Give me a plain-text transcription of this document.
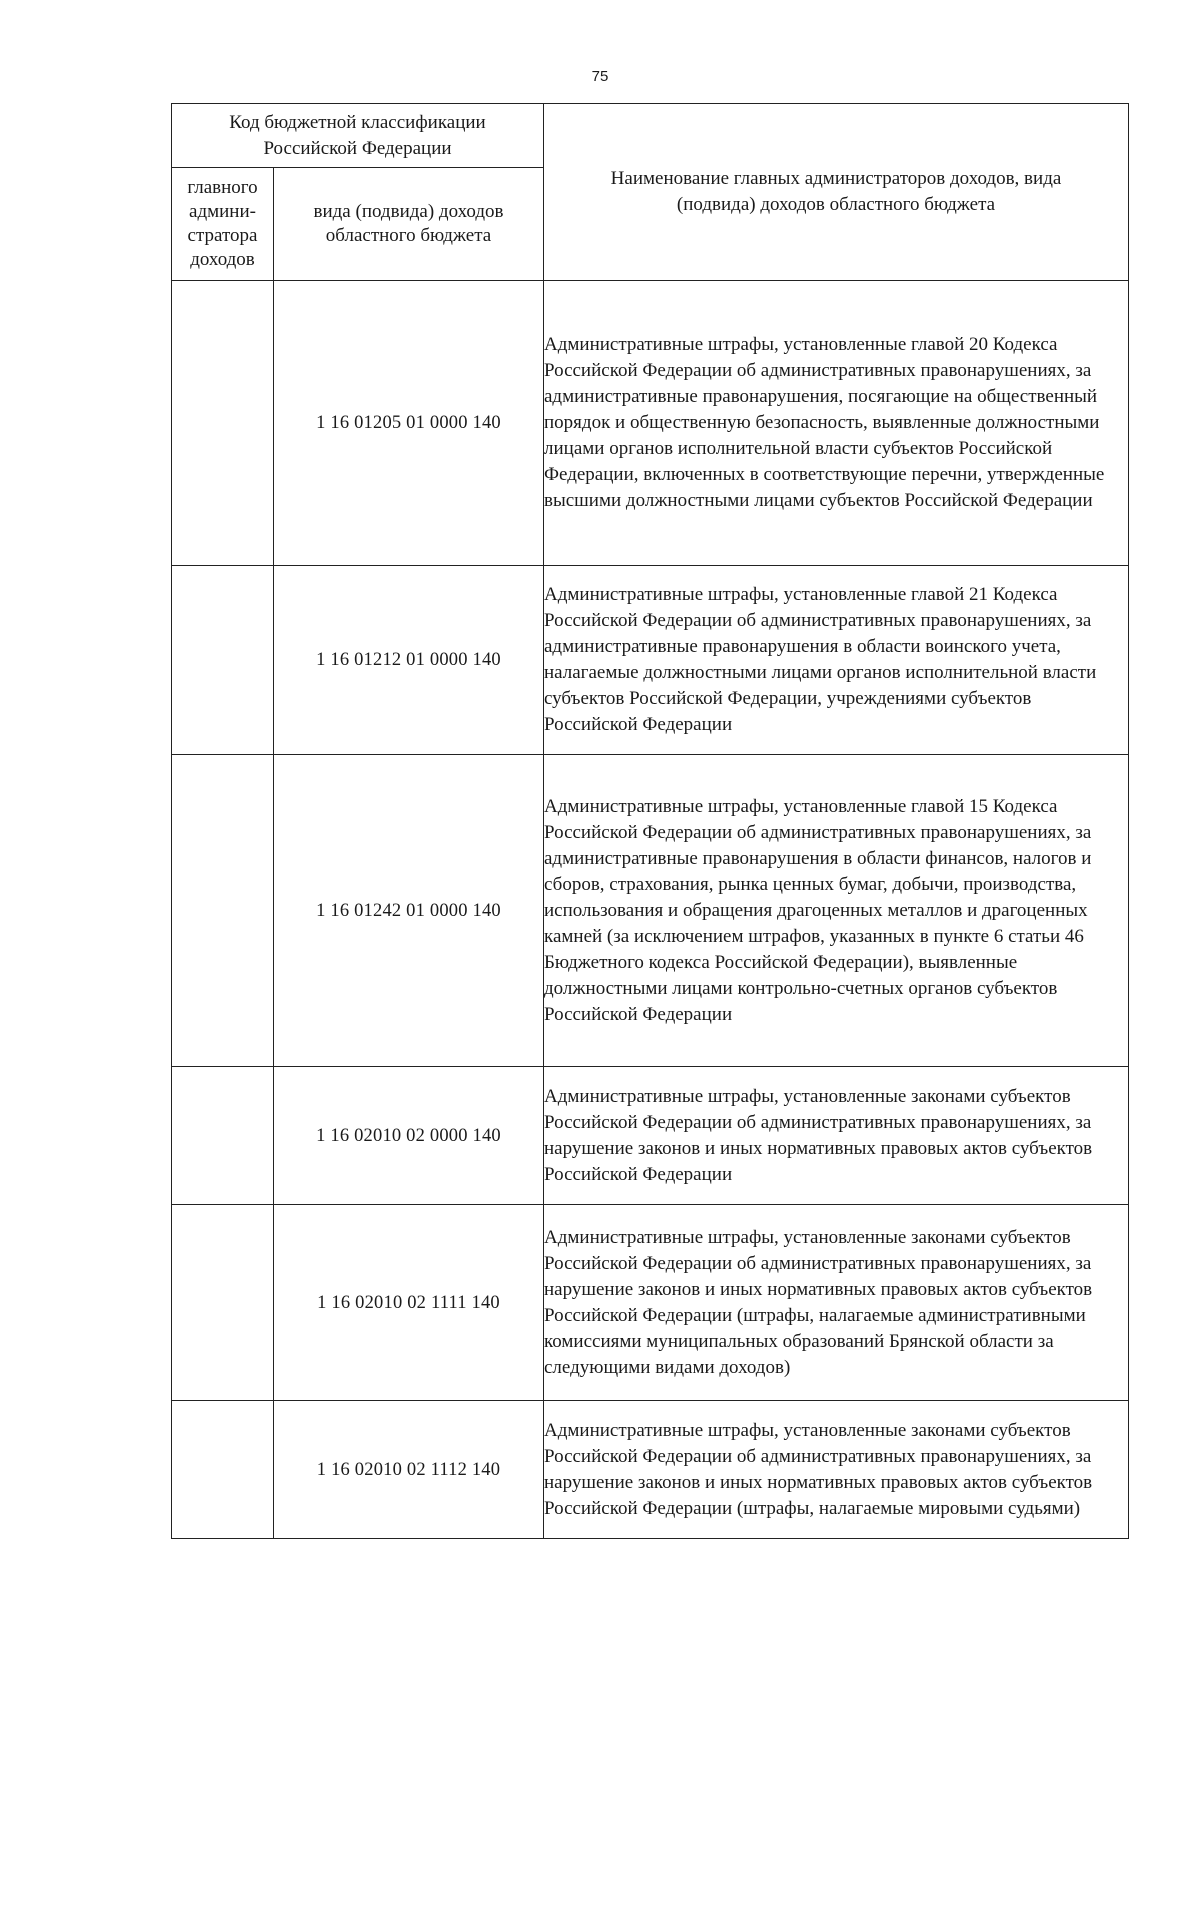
75
Код бюджетной классификации Российской Федерации		Наименование главных администраторов доходов, вида (подвида) доходов областного бюджета
главного админи-стратора доходов	вида (подвида) доходов областного бюджета	
	1 16 01205 01 0000 140	Административные штрафы, установленные главой 20 Кодекса Российской Федерации об административных правонарушениях, за административные правонарушения, посягающие на общественный порядок и общественную безопасность, выявленные должностными лицами органов исполнительной власти субъектов Российской Федерации, включенных в соответствующие перечни, утвержденные высшими должностными лицами субъектов Российской Федерации
	1 16 01212 01 0000 140	Административные штрафы, установленные главой 21 Кодекса Российской Федерации об административных правонарушениях, за административные правонарушения в области воинского учета, налагаемые должностными лицами органов исполнительной власти субъектов Российской Федерации, учреждениями субъектов Российской Федерации
	1 16 01242 01 0000 140	Административные штрафы, установленные главой 15 Кодекса Российской Федерации об административных правонарушениях, за административные правонарушения в области финансов, налогов и сборов, страхования, рынка ценных бумаг, добычи, производства, использования и обращения драгоценных металлов и драгоценных камней (за исключением штрафов, указанных в пункте 6 статьи 46 Бюджетного кодекса Российской Федерации), выявленные должностными лицами контрольно-счетных органов субъектов Российской Федерации
	1 16 02010 02 0000 140	Административные штрафы, установленные законами субъектов Российской Федерации об административных правонарушениях, за нарушение законов и иных нормативных правовых актов субъектов Российской Федерации
	1 16 02010 02 1111 140	Административные штрафы, установленные законами субъектов Российской Федерации об административных правонарушениях, за нарушение законов и иных нормативных правовых актов субъектов Российской Федерации (штрафы, налагаемые административными комиссиями муниципальных образований Брянской области за следующими видами доходов)
	1 16 02010 02 1112 140	Административные штрафы, установленные законами субъектов Российской Федерации об административных правонарушениях, за нарушение законов и иных нормативных правовых актов субъектов Российской Федерации (штрафы, налагаемые мировыми судьями)
